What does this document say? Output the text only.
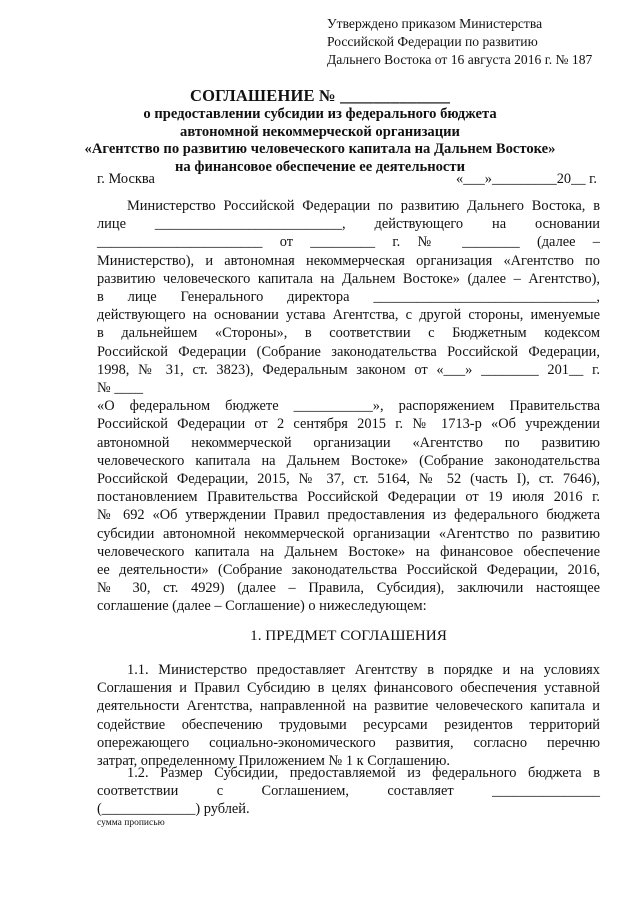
Утверждено приказом Министерства
Российской Федерации по развитию
Дальнего Востока от 16 августа 2016 г. № 187
СОГЛАШЕНИЕ № _____________
о предоставлении субсидии из федерального бюджета
автономной некоммерческой организации
«Агентство по развитию человеческого капитала на Дальнем Востоке»
на финансовое обеспечение ее деятельности
г. Москва	«___»_________20__ г.
Министерство Российской Федерации по развитию Дальнего Востока, в
лице __________________________, действующего на основании
_______________________ от _________ г. № ________ (далее –
Министерство), и автономная некоммерческая организация «Агентство по
развитию человеческого капитала на Дальнем Востоке» (далее – Агентство),
в лице Генерального директора _______________________________,
действующего на основании устава Агентства, с другой стороны, именуемые
в дальнейшем «Стороны», в соответствии с Бюджетным кодексом
Российской Федерации (Собрание законодательства Российской Федерации,
1998, № 31, ст. 3823), Федеральным законом от «___» ________ 201__ г.
№ ____
«О федеральном бюджете ___________», распоряжением Правительства
Российской Федерации от 2 сентября 2015 г. № 1713-р «Об учреждении
автономной некоммерческой организации «Агентство по развитию
человеческого капитала на Дальнем Востоке» (Собрание законодательства
Российской Федерации, 2015, № 37, ст. 5164, № 52 (часть I), ст. 7646),
постановлением Правительства Российской Федерации от 19 июля 2016 г.
№ 692 «Об утверждении Правил предоставления из федерального бюджета
субсидии автономной некоммерческой организации «Агентство по развитию
человеческого капитала на Дальнем Востоке» на финансовое обеспечение
ее деятельности» (Собрание законодательства Российской Федерации, 2016,
№ 30, ст. 4929) (далее – Правила, Субсидия), заключили настоящее
соглашение (далее – Соглашение) о нижеследующем:
1. ПРЕДМЕТ СОГЛАШЕНИЯ
1.1. Министерство предоставляет Агентству в порядке и на условиях
Соглашения и Правил Субсидию в целях финансового обеспечения уставной
деятельности Агентства, направленной на развитие человеческого капитала и
содействие обеспечению трудовыми ресурсами резидентов территорий
опережающего социально-экономического развития, согласно перечню
затрат, определенному Приложением № 1 к Соглашению.
1.2. Размер Субсидии, предоставляемой из федерального бюджета в
соответствии с Соглашением, составляет _______________
(_____________) рублей.
сумма прописью
